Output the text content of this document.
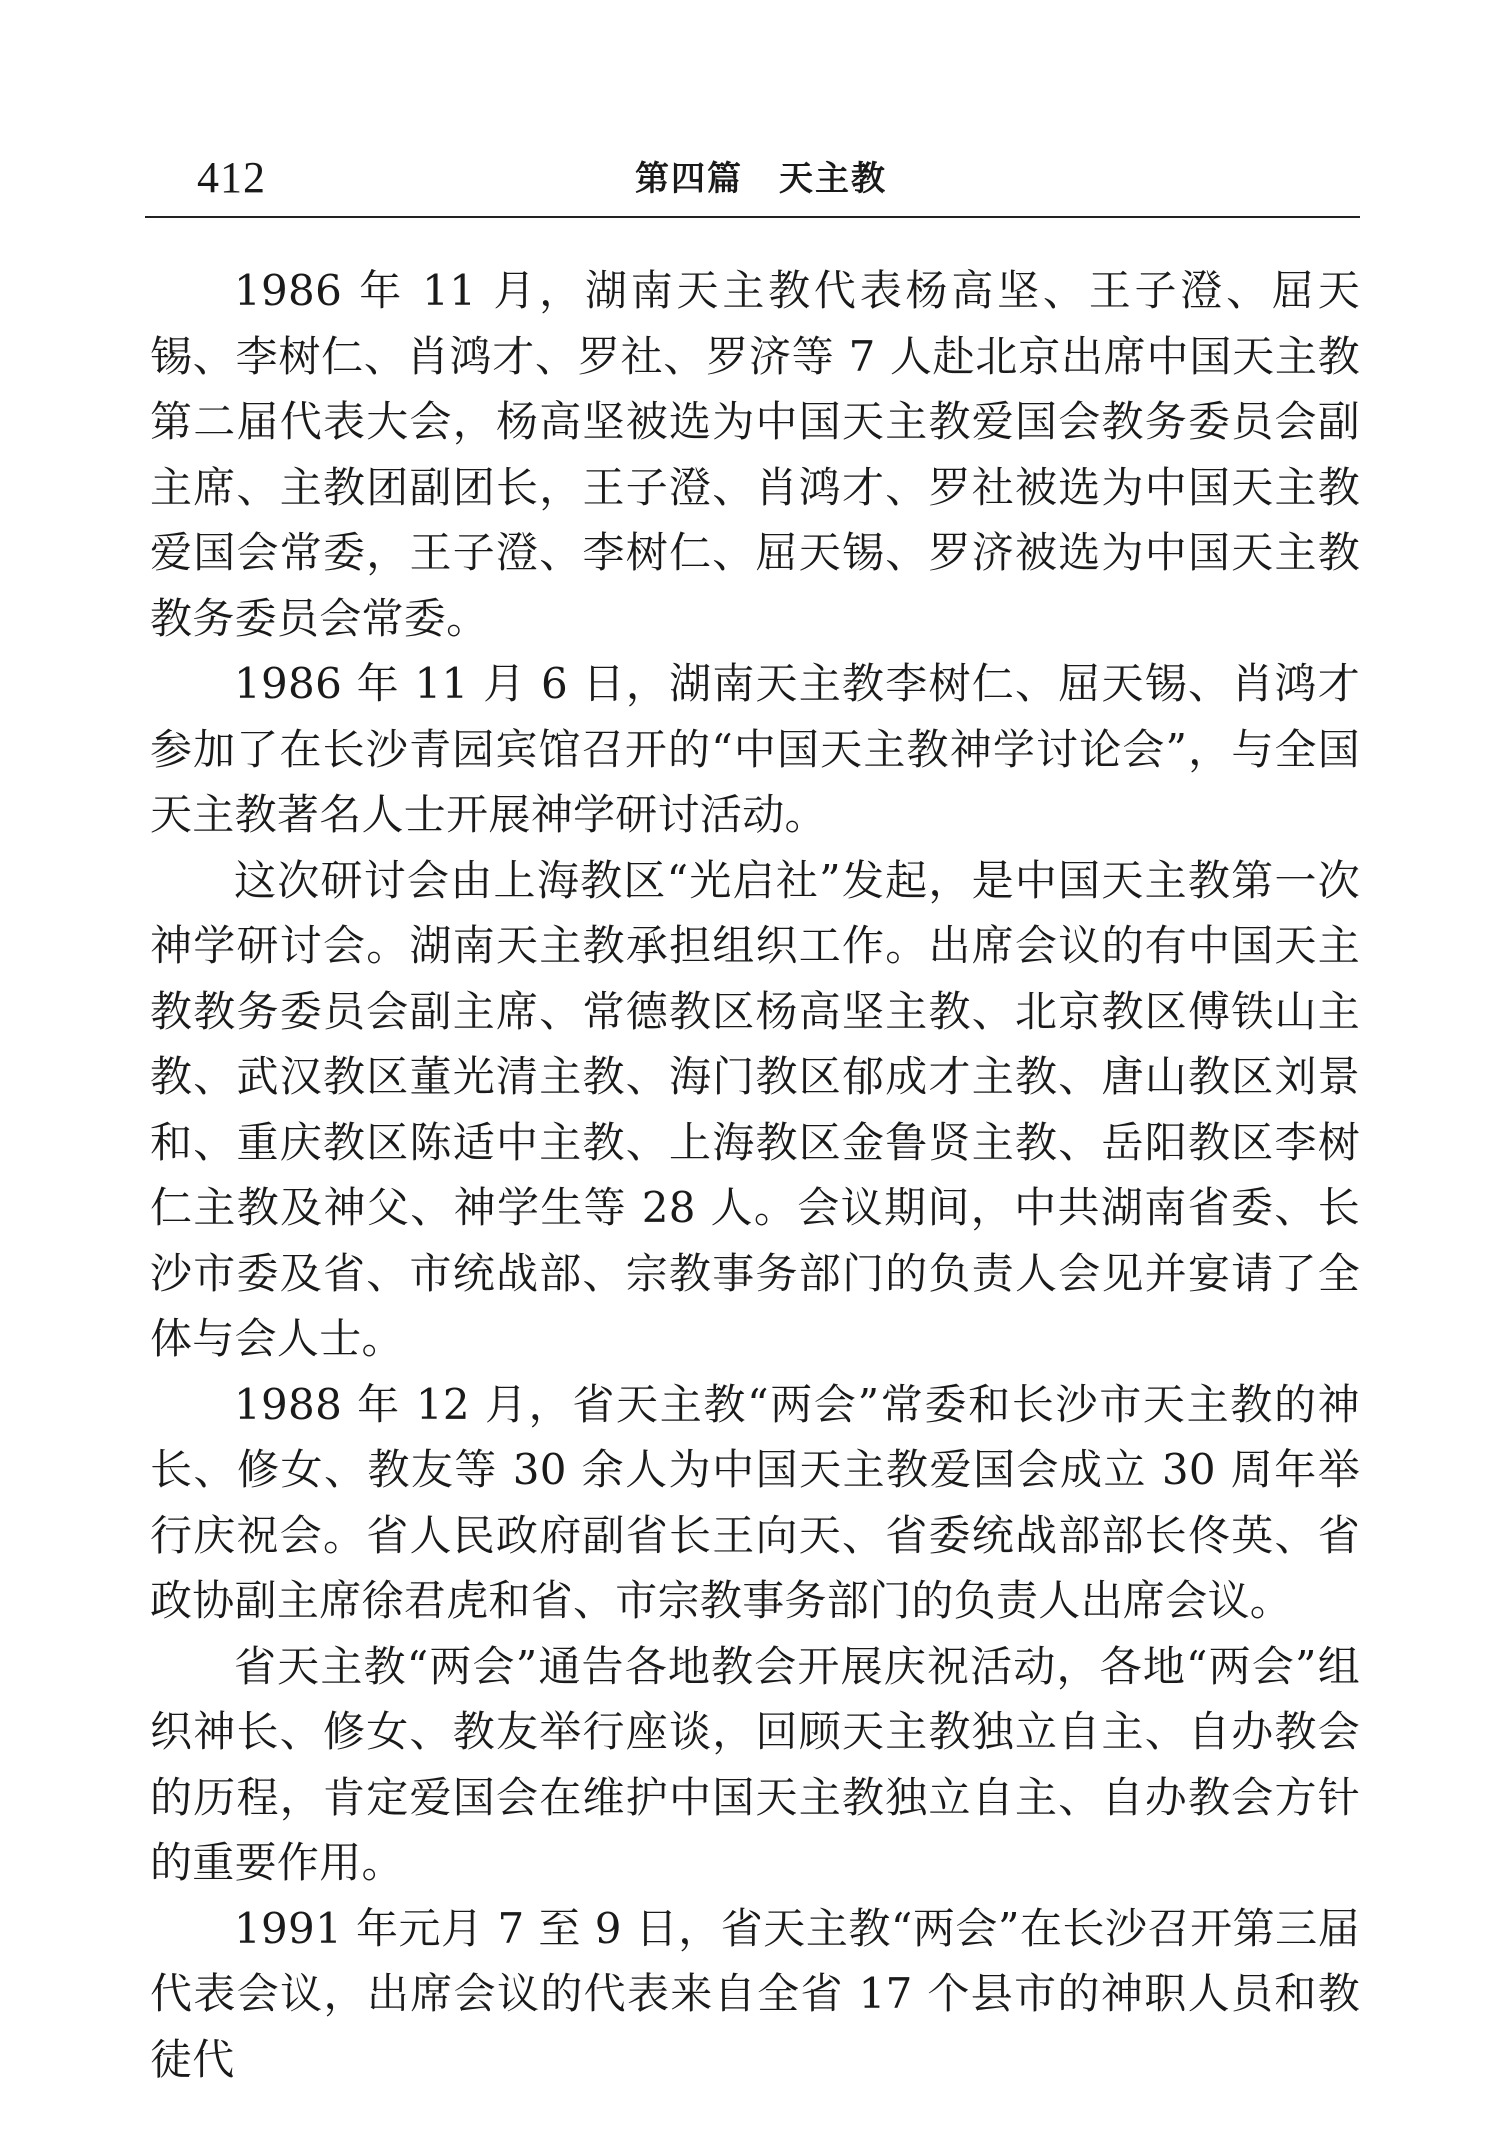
412	第四篇　天主教

1986 年 11 月，湖南天主教代表杨高坚、王子澄、屈天锡、李树仁、肖鸿才、罗社、罗济等 7 人赴北京出席中国天主教第二届代表大会，杨高坚被选为中国天主教爱国会教务委员会副主席、主教团副团长，王子澄、肖鸿才、罗社被选为中国天主教爱国会常委，王子澄、李树仁、屈天锡、罗济被选为中国天主教教务委员会常委。

1986 年 11 月 6 日，湖南天主教李树仁、屈天锡、肖鸿才参加了在长沙青园宾馆召开的“中国天主教神学讨论会”，与全国天主教著名人士开展神学研讨活动。

这次研讨会由上海教区“光启社”发起，是中国天主教第一次神学研讨会。湖南天主教承担组织工作。出席会议的有中国天主教教务委员会副主席、常德教区杨高坚主教、北京教区傅铁山主教、武汉教区董光清主教、海门教区郁成才主教、唐山教区刘景和、重庆教区陈适中主教、上海教区金鲁贤主教、岳阳教区李树仁主教及神父、神学生等 28 人。会议期间，中共湖南省委、长沙市委及省、市统战部、宗教事务部门的负责人会见并宴请了全体与会人士。

1988 年 12 月，省天主教“两会”常委和长沙市天主教的神长、修女、教友等 30 余人为中国天主教爱国会成立 30 周年举行庆祝会。省人民政府副省长王向天、省委统战部部长佟英、省政协副主席徐君虎和省、市宗教事务部门的负责人出席会议。

省天主教“两会”通告各地教会开展庆祝活动，各地“两会”组织神长、修女、教友举行座谈，回顾天主教独立自主、自办教会的历程，肯定爱国会在维护中国天主教独立自主、自办教会方针的重要作用。

1991 年元月 7 至 9 日，省天主教“两会”在长沙召开第三届代表会议，出席会议的代表来自全省 17 个县市的神职人员和教徒代
